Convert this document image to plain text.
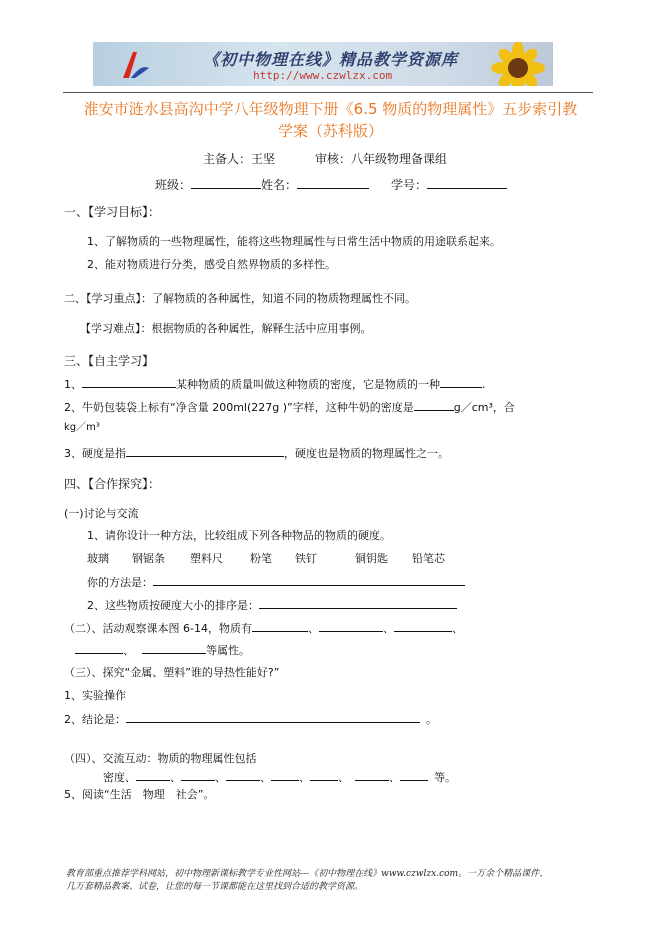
《初中物理在线》精品教学资源库
http://www.czwlzx.com
淮安市涟水县高沟中学八年级物理下册《6.5 物质的物理属性》五步索引教
学案（苏科版）
主备人：王坚	审核：八年级物理备课组
班级：	姓名：	学号：
一、【学习目标】：
1、了解物质的一些物理属性，能将这些物理属性与日常生活中物质的用途联系起来。
2、能对物质进行分类，感受自然界物质的多样性。
二、【学习重点】：了解物质的各种属性，知道不同的物质物理属性不同。
【学习难点】：根据物质的各种属性，解释生活中应用事例。
三、【自主学习】
1、	某种物质的质量叫做这种物质的密度，它是物质的一种	.
2、牛奶包装袋上标有“净含量 200ml(227g )”字样，这种牛奶的密度是	g／cm³，合
kg／m³
3、硬度是指	，硬度也是物质的物理属性之一。
四、【合作探究】：
(一)讨论与交流
1、请你设计一种方法，比较组成下列各种物品的物质的硬度。
玻璃 钢锯条 塑料尺 粉笔 铁钉	铜钥匙 铅笔芯
你的方法是：
2、这些物质按硬度大小的排序是：
（二）、活动观察课本图 6-14，物质有	、	、	、
、	等属性。
（三）、探究“金属、塑料”谁的导热性能好?”
1、实验操作
2、结论是：	。
（四）、交流互动：物质的物理属性包括
密度、	、	、	、	、	、	、	等。
5、阅读“生活　物理　社会”。
教育部重点推荐学科网站，初中物理新课标教学专业性网站---《初中物理在线》www.czwlzx.com。一万余个精品课件、
几万套精品教案、试卷，让您的每一节课都能在这里找到合适的教学资源。
